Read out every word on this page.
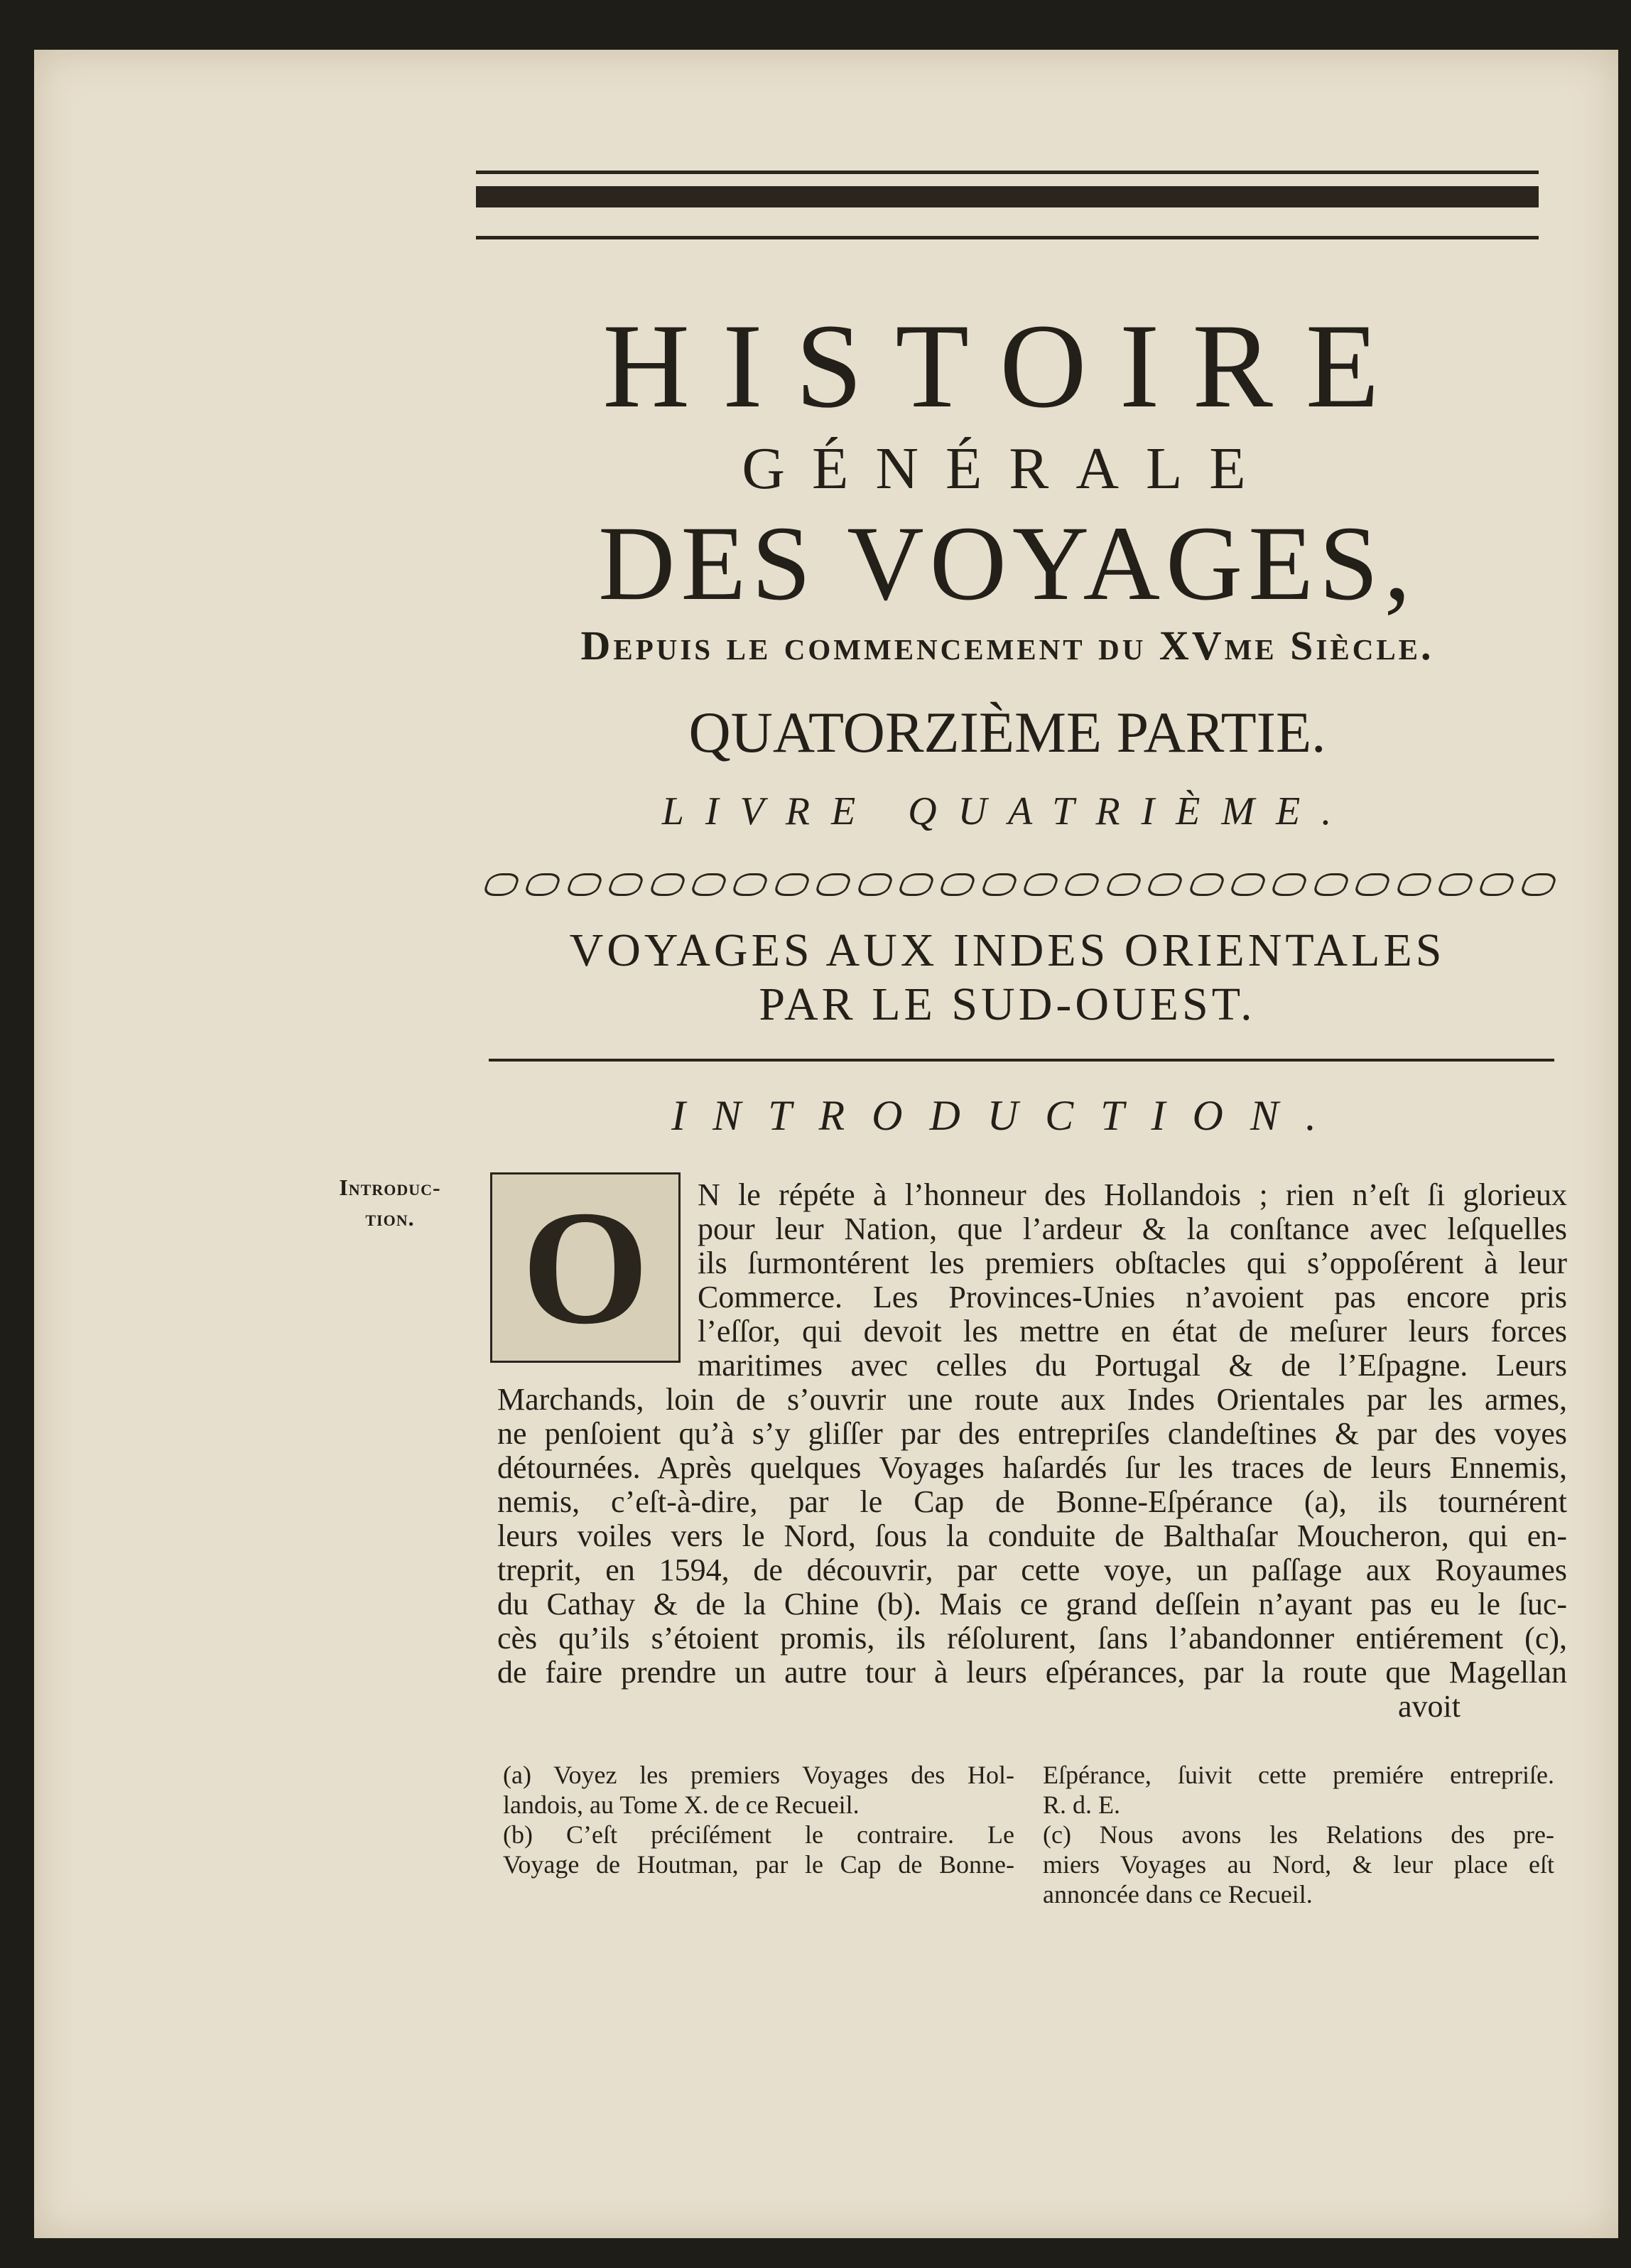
HISTOIRE
GÉNÉRALE
DES VOYAGES,
Depuis le commencement du XVme Siècle.
QUATORZIÈME PARTIE.
LIVRE QUATRIÈME.
VOYAGES AUX INDES ORIENTALES
PAR LE SUD-OUEST.
INTRODUCTION.
Introduc-tion. O N le répéte à l’honneur des Hollandois ; rien n’eſt ſi glorieux
pour leur Nation, que l’ardeur & la conſtance avec leſquelles
ils ſurmontérent les premiers obſtacles qui s’oppoſérent à leur
Commerce. Les Provinces-Unies n’avoient pas encore pris
l’eſſor, qui devoit les mettre en état de meſurer leurs forces
maritimes avec celles du Portugal & de l’Eſpagne. Leurs
Marchands, loin de s’ouvrir une route aux Indes Orientales par les armes,
ne penſoient qu’à s’y gliſſer par des entrepriſes clandeſtines & par des voyes
détournées. Après quelques Voyages haſardés ſur les traces de leurs Ennemis,
nemis, c’eſt-à-dire, par le Cap de Bonne-Eſpérance (a), ils tournérent
leurs voiles vers le Nord, ſous la conduite de Balthaſar Moucheron, qui en-
treprit, en 1594, de découvrir, par cette voye, un paſſage aux Royaumes
du Cathay & de la Chine (b). Mais ce grand deſſein n’ayant pas eu le ſuc-
cès qu’ils s’étoient promis, ils réſolurent, ſans l’abandonner entiérement (c),
de faire prendre un autre tour à leurs eſpérances, par la route que Magellan
avoit
(a) Voyez les premiers Voyages des Hol-
landois, au Tome X. de ce Recueil.
(b) C’eſt préciſément le contraire. Le
Voyage de Houtman, par le Cap de Bonne-
Eſpérance, ſuivit cette premiére entrepriſe.
R. d. E.
(c) Nous avons les Relations des pre-
miers Voyages au Nord, & leur place eſt
annoncée dans ce Recueil.
